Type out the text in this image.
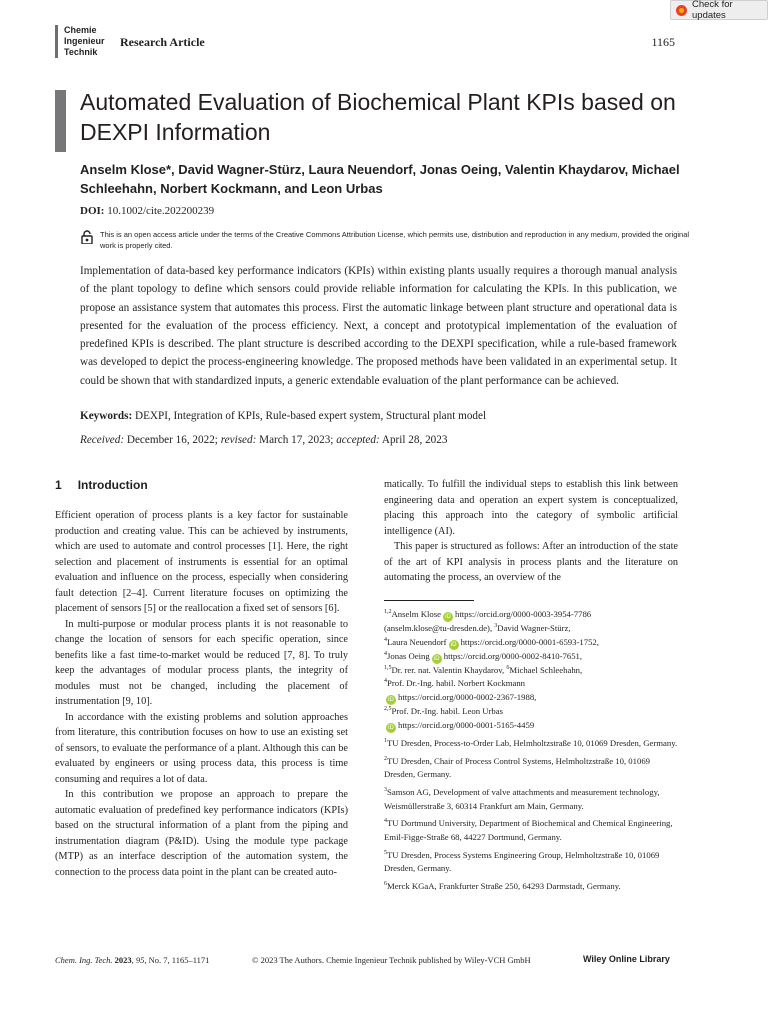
Chemie
Ingenieur
Technik
Research Article	1165
Check for updates
Automated Evaluation of Biochemical Plant KPIs based on DEXPI Information
Anselm Klose*, David Wagner-Stürz, Laura Neuendorf, Jonas Oeing, Valentin Khaydarov, Michael Schleehahn, Norbert Kockmann, and Leon Urbas
DOI: 10.1002/cite.202200239
This is an open access article under the terms of the Creative Commons Attribution License, which permits use, distribution and reproduction in any medium, provided the original work is properly cited.
Implementation of data-based key performance indicators (KPIs) within existing plants usually requires a thorough manual analysis of the plant topology to define which sensors could provide reliable information for calculating the KPIs. In this publication, we propose an assistance system that automates this process. First the automatic linkage between plant structure and operational data is presented for the evaluation of the process efficiency. Next, a concept and prototypical implementation of the evaluation of predefined KPIs is described. The plant structure is described according to the DEXPI specification, while a rule-based framework was developed to depict the process-engineering knowledge. The proposed methods have been validated in an experimental setup. It could be shown that with standardized inputs, a generic extendable evaluation of the plant performance can be achieved.
Keywords: DEXPI, Integration of KPIs, Rule-based expert system, Structural plant model
Received: December 16, 2022; revised: March 17, 2023; accepted: April 28, 2023
1 Introduction

Efficient operation of process plants is a key factor for sustainable production and creating value. This can be achieved by instruments, which are used to automate and control processes [1]. Here, the right selection and placement of instruments is essential for an optimal evaluation and influence on the process, especially when considering fault detection [2–4]. Current literature focuses on optimizing the placement of sensors [5] or the reallocation a fixed set of sensors [6].

In multi-purpose or modular process plants it is not reasonable to change the location of sensors for each specific operation, since benefits like a fast time-to-market would be reduced [7, 8]. To truly keep the advantages of modular process plants, the integrity of modules must not be changed, including the placement of instrumentation [9, 10].

In accordance with the existing problems and solution approaches from literature, this contribution focuses on how to use an existing set of sensors, to evaluate the performance of a plant. Although this can be evaluated by engineers or using process data, this process is time consuming and requires a lot of data.

In this contribution we propose an approach to prepare the automatic evaluation of predefined key performance indicators (KPIs) based on the structural information of a plant from the piping and instrumentation diagram (P&ID). Using the module type package (MTP) as an interface description of the automation system, the connection to the process data point in the plant can be created auto-

matically. To fulfill the individual steps to establish this link between engineering data and operation an expert system is conceptualized, placing this approach into the category of symbolic artificial intelligence (AI).

This paper is structured as follows: After an introduction of the state of the art of KPI analysis in process plants and the literature on automating the process, an overview of the

$^{1,2}$Anselm Klose iD https://orcid.org/0000-0003-3954-7786

(anselm.klose@tu-dresden.de), $^3$David Wagner-Stürz,

$^4$Laura Neuendorf iD https://orcid.org/0000-0001-6593-1752,

$^4$Jonas Oeing iD https://orcid.org/0000-0002-8410-7651,

$^{1,5}$Dr. rer. nat. Valentin Khaydarov, $^6$Michael Schleehahn,

$^4$Prof. Dr.-Ing. habil. Norbert Kockmann

iD https://orcid.org/0000-0002-2367-1988,

$^{2,5}$Prof. Dr.-Ing. habil. Leon Urbas

iD https://orcid.org/0000-0001-5165-4459

$^1$TU Dresden, Process-to-Order Lab, Helmholtzstraße 10, 01069 Dresden, Germany.

$^2$TU Dresden, Chair of Process Control Systems, Helmholtzstraße 10, 01069 Dresden, Germany.

$^3$Samson AG, Development of valve attachments and measurement technology, Weismüllerstraße 3, 60314 Frankfurt am Main, Germany.

$^4$TU Dortmund University, Department of Biochemical and Chemical Engineering, Emil-Figge-Straße 68, 44227 Dortmund, Germany.

$^5$TU Dresden, Process Systems Engineering Group, Helmholtzstraße 10, 01069 Dresden, Germany.

$^6$Merck KGaA, Frankfurter Straße 250, 64293 Darmstadt, Germany.

Chem. Ing. Tech. 2023, 95, No. 7, 1165–1171	© 2023 The Authors. Chemie Ingenieur Technik published by Wiley-VCH GmbH	Wiley Online Library
